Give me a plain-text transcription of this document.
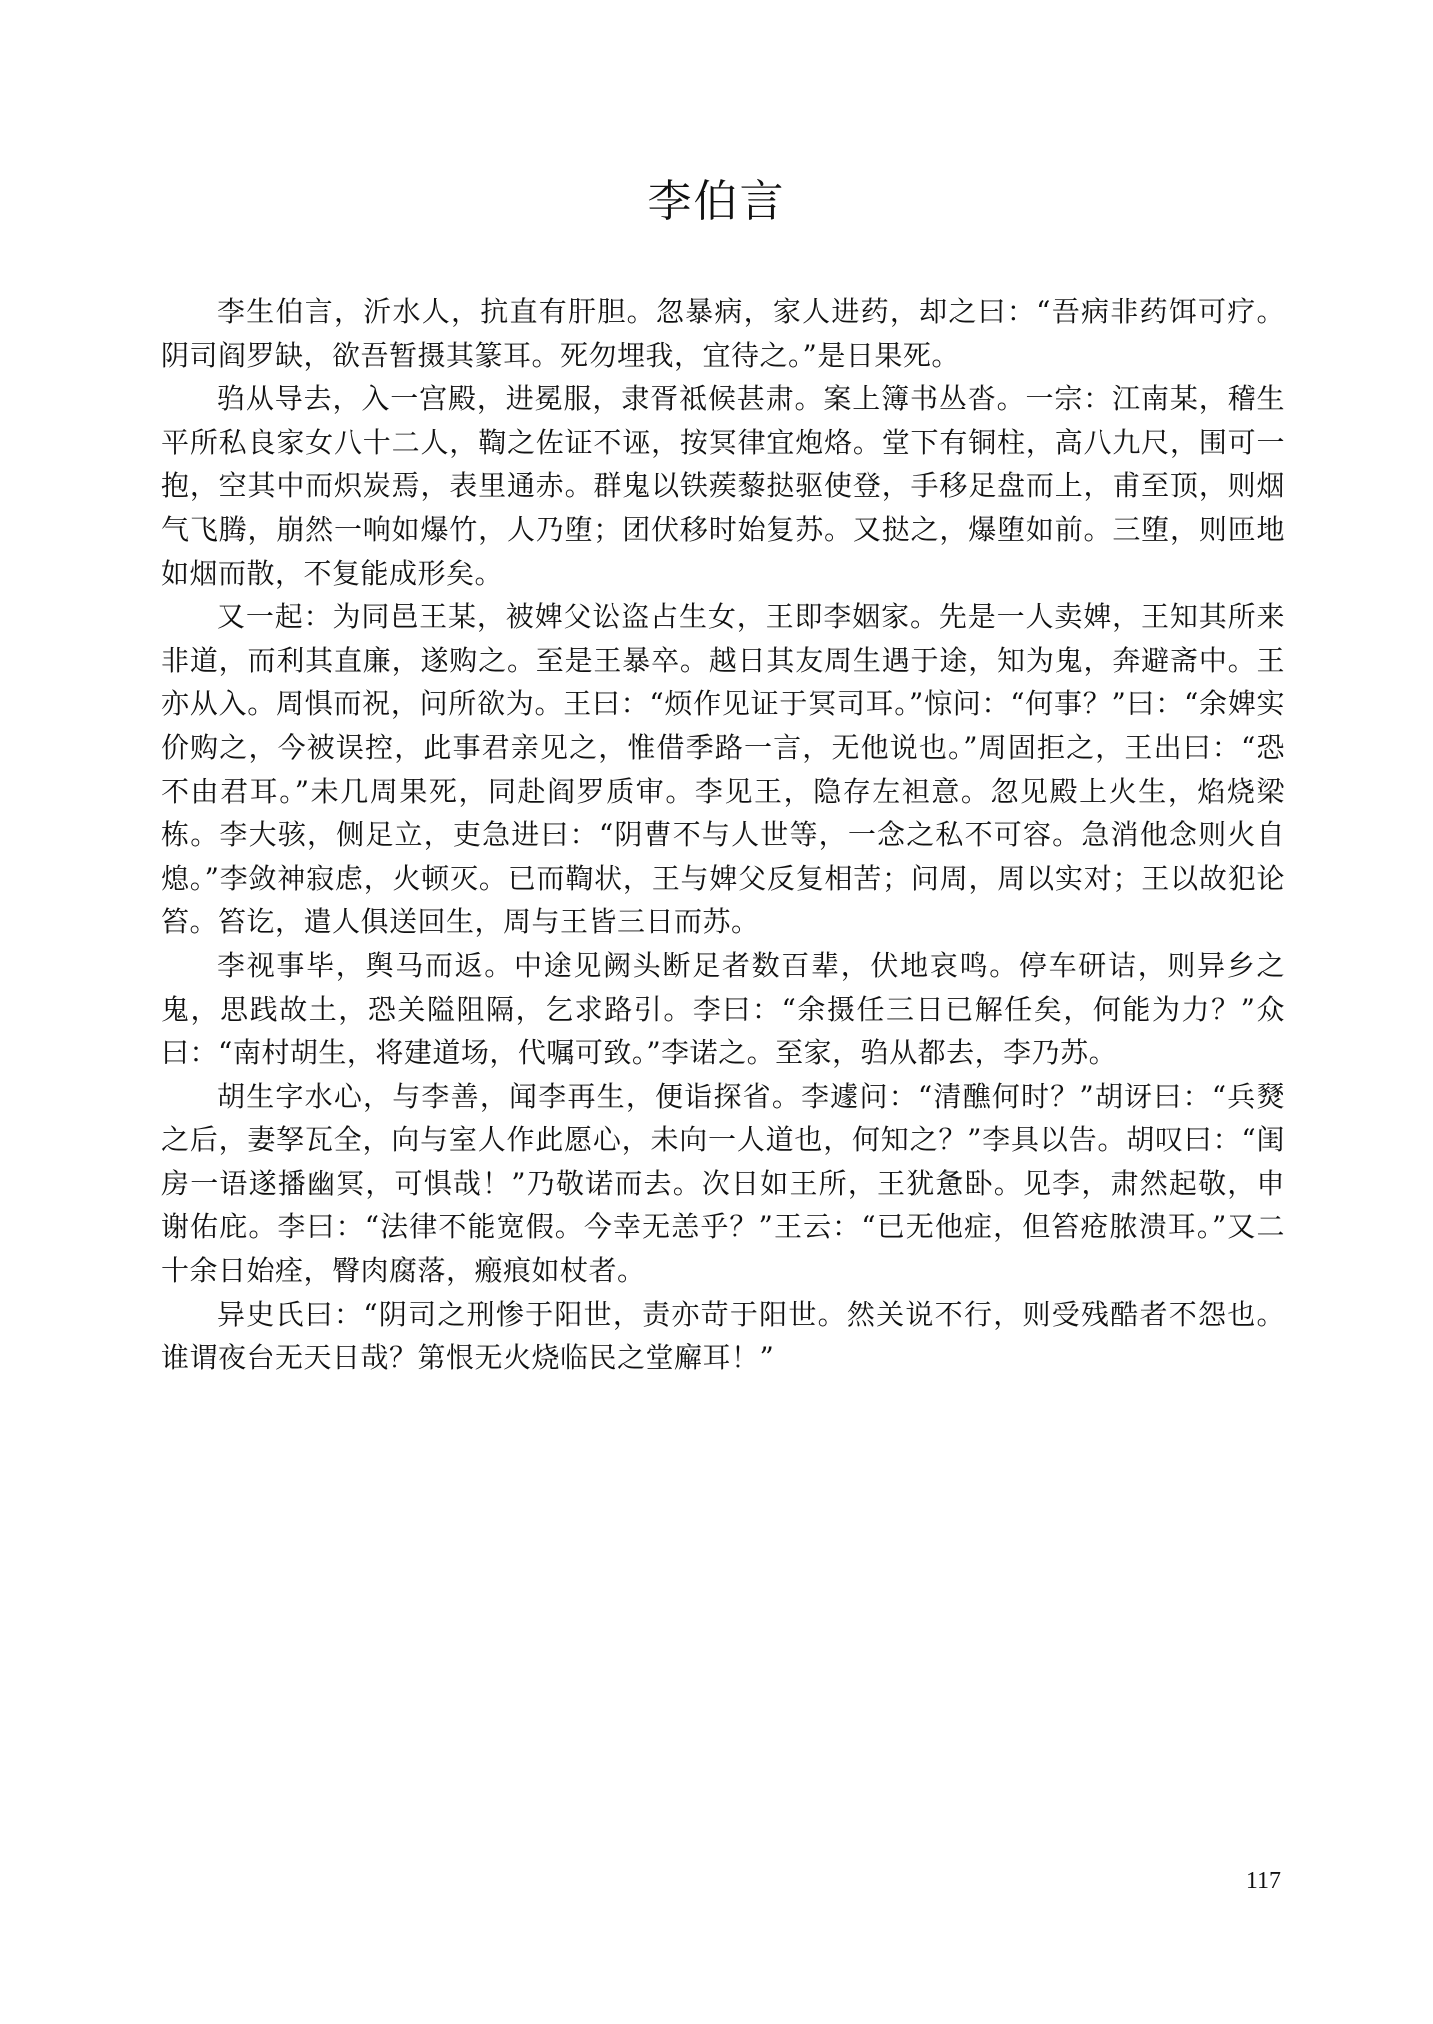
李伯言

李生伯言，沂水人，抗直有肝胆。忽暴病，家人进药，却之曰：“吾病非药饵可疗。阴司阎罗缺，欲吾暂摄其篆耳。死勿埋我，宜待之。”是日果死。

驺从导去，入一宫殿，进冕服，隶胥祗候甚肃。案上簿书丛沓。一宗：江南某，稽生平所私良家女八十二人，鞫之佐证不诬，按冥律宜炮烙。堂下有铜柱，高八九尺，围可一抱，空其中而炽炭焉，表里通赤。群鬼以铁蒺藜挞驱使登，手移足盘而上，甫至顶，则烟气飞腾，崩然一响如爆竹，人乃堕；团伏移时始复苏。又挞之，爆堕如前。三堕，则匝地如烟而散，不复能成形矣。

又一起：为同邑王某，被婢父讼盗占生女，王即李姻家。先是一人卖婢，王知其所来非道，而利其直廉，遂购之。至是王暴卒。越日其友周生遇于途，知为鬼，奔避斋中。王亦从入。周惧而祝，问所欲为。王曰：“烦作见证于冥司耳。”惊问：“何事？”曰：“余婢实价购之，今被误控，此事君亲见之，惟借季路一言，无他说也。”周固拒之，王出曰：“恐不由君耳。”未几周果死，同赴阎罗质审。李见王，隐存左袒意。忽见殿上火生，焰烧梁栋。李大骇，侧足立，吏急进曰：“阴曹不与人世等，一念之私不可容。急消他念则火自熄。”李敛神寂虑，火顿灭。已而鞫状，王与婢父反复相苦；问周，周以实对；王以故犯论笞。笞讫，遣人俱送回生，周与王皆三日而苏。

李视事毕，舆马而返。中途见阙头断足者数百辈，伏地哀鸣。停车研诘，则异乡之鬼，思践故土，恐关隘阻隔，乞求路引。李曰：“余摄任三日已解任矣，何能为力？”众曰：“南村胡生，将建道场，代嘱可致。”李诺之。至家，驺从都去，李乃苏。

胡生字水心，与李善，闻李再生，便诣探省。李遽问：“清醮何时？”胡讶曰：“兵燹之后，妻孥瓦全，向与室人作此愿心，未向一人道也，何知之？”李具以告。胡叹曰：“闺房一语遂播幽冥，可惧哉！”乃敬诺而去。次日如王所，王犹惫卧。见李，肃然起敬，申谢佑庇。李曰：“法律不能宽假。今幸无恙乎？”王云：“已无他症，但笞疮脓溃耳。”又二十余日始痊，臀肉腐落，瘢痕如杖者。

异史氏曰：“阴司之刑惨于阳世，责亦苛于阳世。然关说不行，则受残酷者不怨也。谁谓夜台无天日哉？第恨无火烧临民之堂廨耳！”

117
